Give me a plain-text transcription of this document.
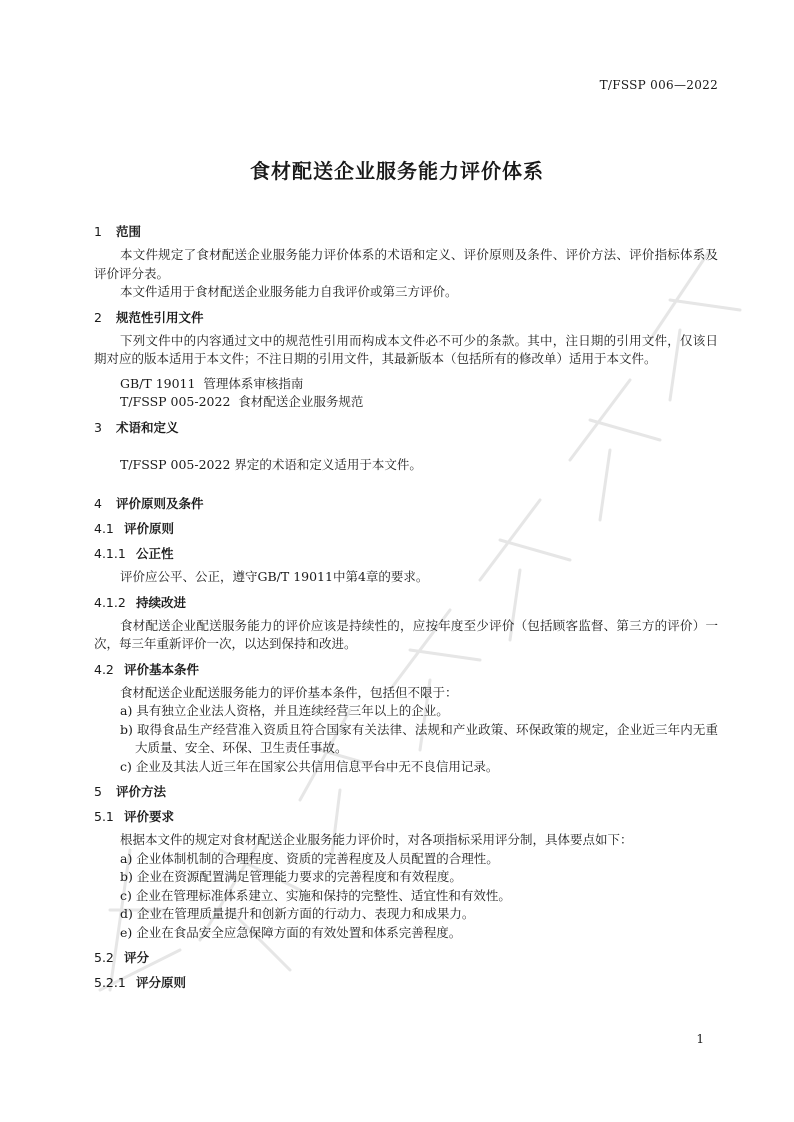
T/FSSP 006—2022
食材配送企业服务能力评价体系
1	范围

本文件规定了食材配送企业服务能力评价体系的术语和定义、评价原则及条件、评价方法、评价指标体系及评价评分表。

本文件适用于食材配送企业服务能力自我评价或第三方评价。

2	规范性引用文件

下列文件中的内容通过文中的规范性引用而构成本文件必不可少的条款。其中，注日期的引用文件，仅该日期对应的版本适用于本文件；不注日期的引用文件，其最新版本（包括所有的修改单）适用于本文件。

GB/T 19011  管理体系审核指南
T/FSSP 005-2022  食材配送企业服务规范
3	术语和定义

T/FSSP 005-2022 界定的术语和定义适用于本文件。

4	评价原则及条件
4.1 评价原则
4.1.1 公正性

评价应公平、公正，遵守GB/T 19011中第4章的要求。

4.1.2 持续改进

食材配送企业配送服务能力的评价应该是持续性的，应按年度至少评价（包括顾客监督、第三方的评价）一次，每三年重新评价一次，以达到保持和改进。

4.2 评价基本条件

食材配送企业配送服务能力的评价基本条件，包括但不限于：

a) 具有独立企业法人资格，并且连续经营三年以上的企业。
b) 取得食品生产经营准入资质且符合国家有关法律、法规和产业政策、环保政策的规定，企业近三年内无重大质量、安全、环保、卫生责任事故。
c) 企业及其法人近三年在国家公共信用信息平台中无不良信用记录。
5	评价方法
5.1 评价要求

根据本文件的规定对食材配送企业服务能力评价时，对各项指标采用评分制，具体要点如下：

a) 企业体制机制的合理程度、资质的完善程度及人员配置的合理性。
b) 企业在资源配置满足管理能力要求的完善程度和有效程度。
c) 企业在管理标准体系建立、实施和保持的完整性、适宜性和有效性。
d) 企业在管理质量提升和创新方面的行动力、表现力和成果力。
e) 企业在食品安全应急保障方面的有效处置和体系完善程度。
5.2 评分
5.2.1 评分原则
1
